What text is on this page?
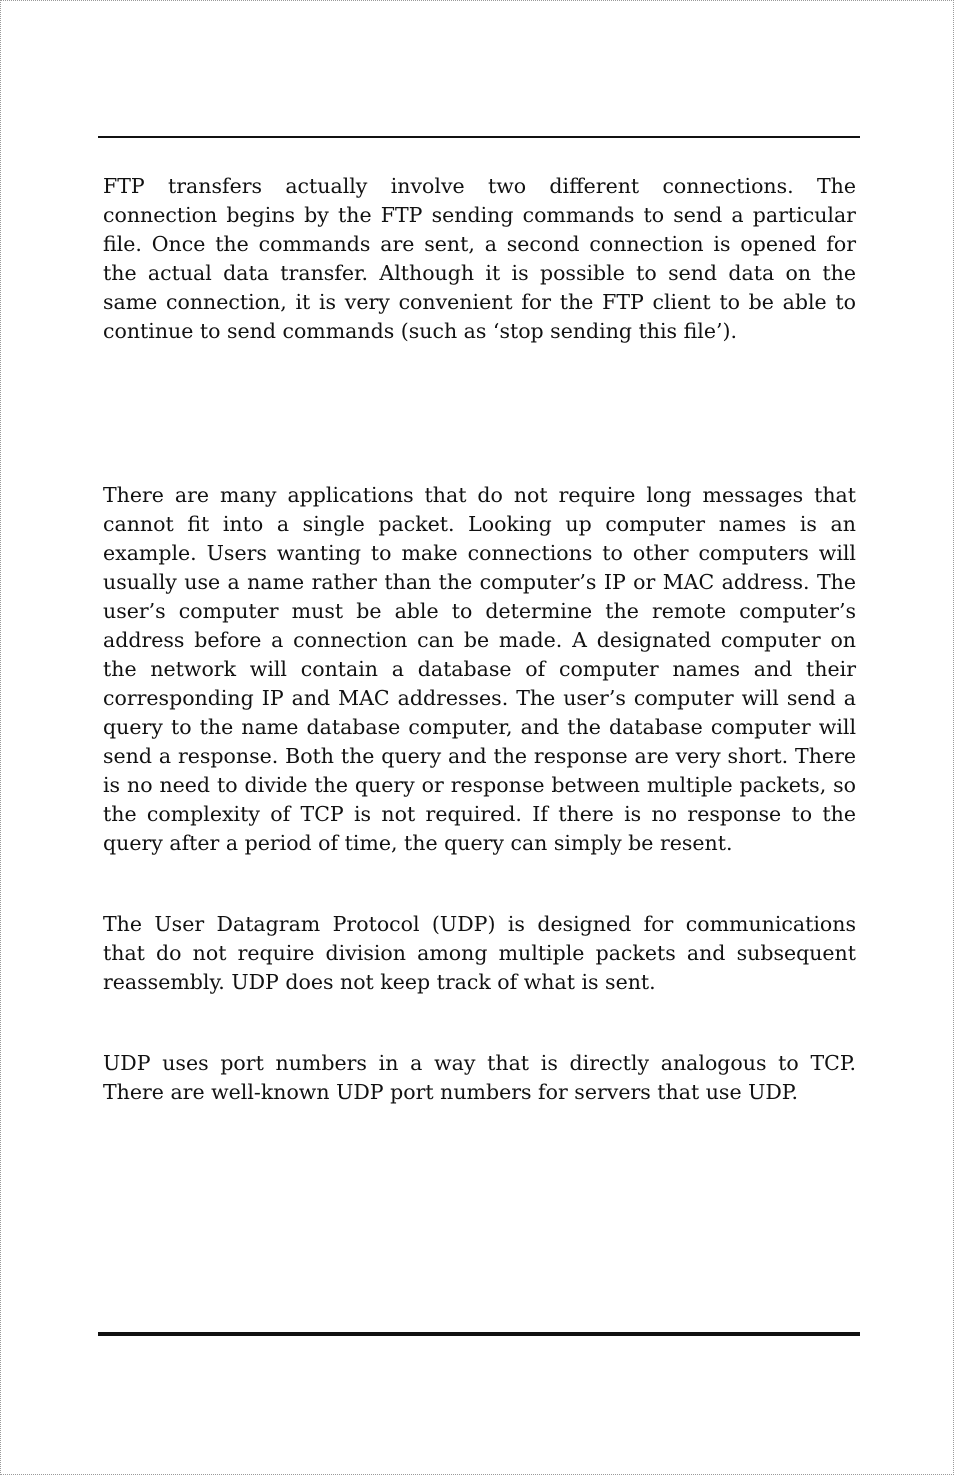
FTP transfers actually involve two different connections. The connection begins by the FTP sending commands to send a particular file. Once the commands are sent, a second connection is opened for the actual data transfer. Although it is possible to send data on the same connection, it is very convenient for the FTP client to be able to continue to send commands (such as ‘stop sending this file’).

There are many applications that do not require long messages that cannot fit into a single packet. Looking up computer names is an example. Users wanting to make connections to other computers will usually use a name rather than the computer’s IP or MAC address. The user’s computer must be able to determine the remote computer’s address before a connection can be made. A designated computer on the network will contain a database of computer names and their corresponding IP and MAC addresses. The user’s computer will send a query to the name database computer, and the database computer will send a response. Both the query and the response are very short. There is no need to divide the query or response between multiple packets, so the complexity of TCP is not required. If there is no response to the query after a period of time, the query can simply be resent.

The User Datagram Protocol (UDP) is designed for communications that do not require division among multiple packets and subsequent reassembly. UDP does not keep track of what is sent.

UDP uses port numbers in a way that is directly analogous to TCP. There are well-known UDP port numbers for servers that use UDP.
